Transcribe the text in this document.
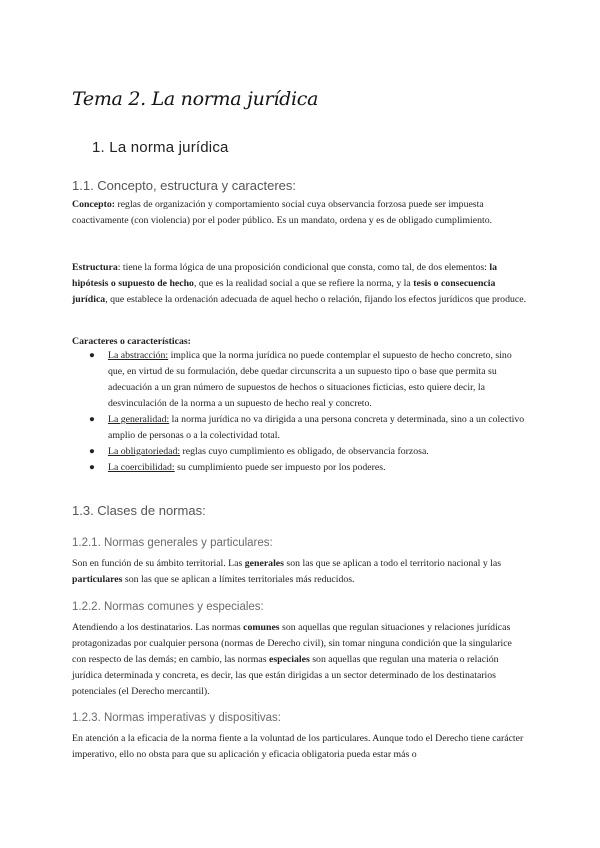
Tema 2. La norma jurídica
1. La norma jurídica
1.1. Concepto, estructura y caracteres:

Concepto: reglas de organización y comportamiento social cuya observancia forzosa puede ser impuesta coactivamente (con violencia) por el poder público. Es un mandato, ordena y es de obligado cumplimiento.

Estructura: tiene la forma lógica de una proposición condicional que consta, como tal, de dos elementos: la hipótesis o supuesto de hecho, que es la realidad social a que se refiere la norma, y la tesis o consecuencia jurídica, que establece la ordenación adecuada de aquel hecho o relación, fijando los efectos jurídicos que produce.

Caracteres o características:

● La abstracción: implica que la norma jurídica no puede contemplar el supuesto de hecho concreto, sino que, en virtud de su formulación, debe quedar circunscrita a un supuesto tipo o base que permita su adecuación a un gran número de supuestos de hechos o situaciones ficticias, esto quiere decir, la desvinculación de la norma a un supuesto de hecho real y concreto.
● La generalidad: la norma jurídica no va dirigida a una persona concreta y determinada, sino a un colectivo amplio de personas o a la colectividad total.
● La obligatoriedad: reglas cuyo cumplimiento es obligado, de observancia forzosa.
● La coercibilidad: su cumplimiento puede ser impuesto por los poderes.
1.3. Clases de normas:
1.2.1. Normas generales y particulares:

Son en función de su ámbito territorial. Las generales son las que se aplican a todo el territorio nacional y las particulares son las que se aplican a límites territoriales más reducidos.

1.2.2. Normas comunes y especiales:

Atendiendo a los destinatarios. Las normas comunes son aquellas que regulan situaciones y relaciones jurídicas protagonizadas por cualquier persona (normas de Derecho civil), sin tomar ninguna condición que la singularice con respecto de las demás; en cambio, las normas especiales son aquellas que regulan una materia o relación jurídica determinada y concreta, es decir, las que están dirigidas a un sector determinado de los destinatarios potenciales (el Derecho mercantil).

1.2.3. Normas imperativas y dispositivas:

En atención a la eficacia de la norma fiente a la voluntad de los particulares. Aunque todo el Derecho tiene carácter imperativo, ello no obsta para que su aplicación y eficacia obligatoria pueda estar más o
